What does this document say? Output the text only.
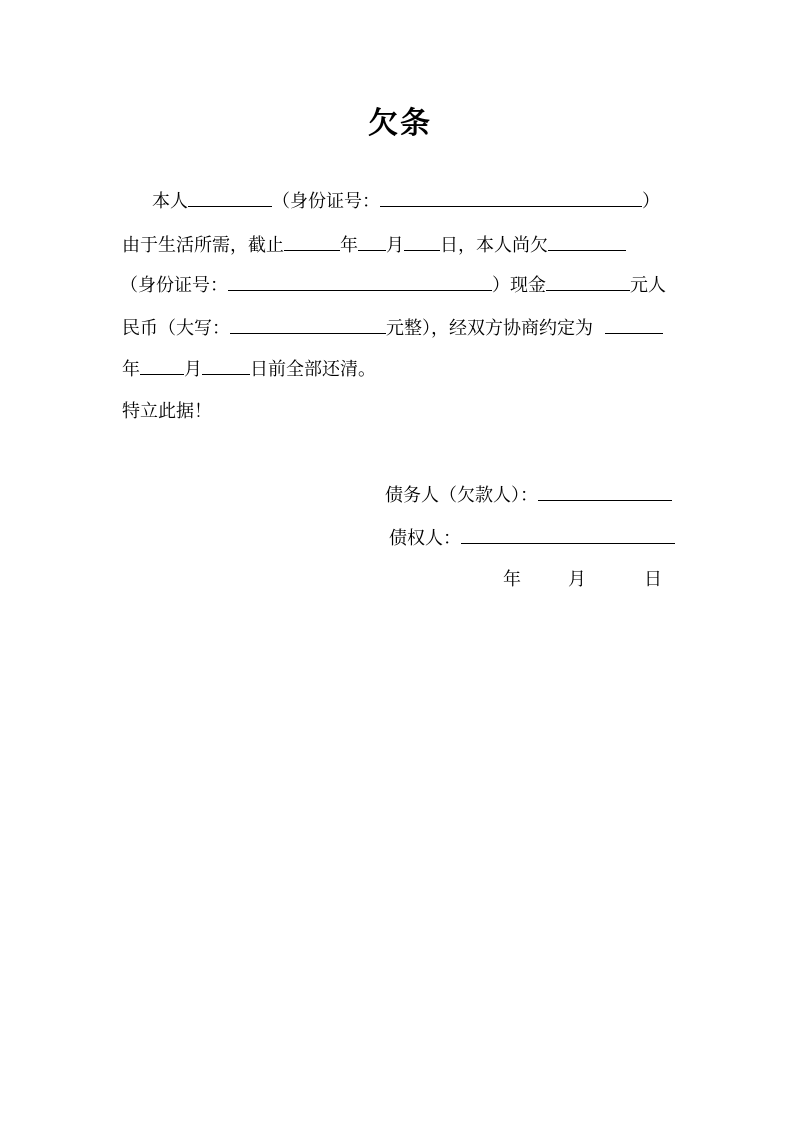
欠条
本人	（身份证号：	）
由于生活所需，截止	年 月 日，本人尚欠
（身份证号：	）现金	元人
民币（大写：	元整），经双方协商约定为
年 月	日前全部还清。
特立此据！
债务人（欠款人）：
债权人：
年	月	日
